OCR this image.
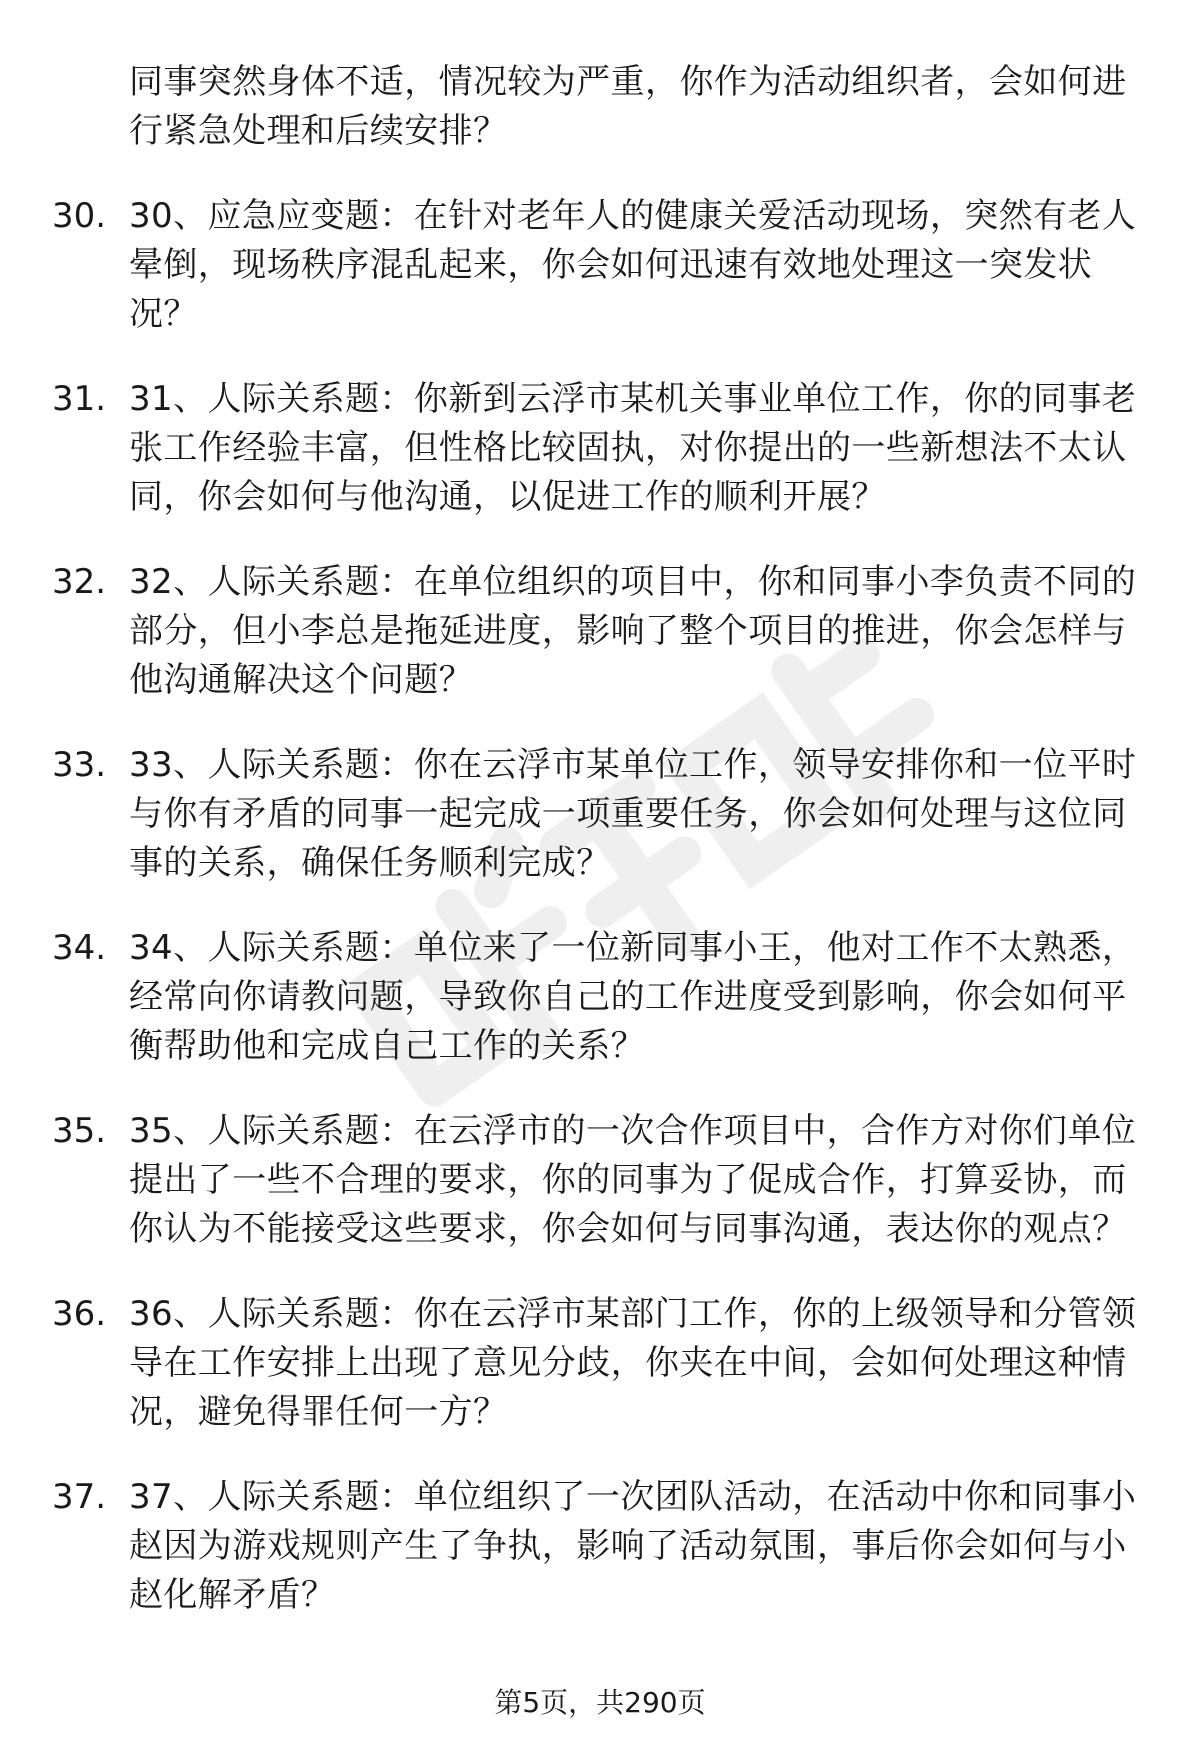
同事突然身体不适，情况较为严重，你作为活动组织者，会如何进行紧急处理和后续安排？
30. 30、应急应变题：在针对老年人的健康关爱活动现场，突然有老人晕倒，现场秩序混乱起来，你会如何迅速有效地处理这一突发状况？
31. 31、人际关系题：你新到云浮市某机关事业单位工作，你的同事老张工作经验丰富，但性格比较固执，对你提出的一些新想法不太认同，你会如何与他沟通，以促进工作的顺利开展？
32. 32、人际关系题：在单位组织的项目中，你和同事小李负责不同的部分，但小李总是拖延进度，影响了整个项目的推进，你会怎样与他沟通解决这个问题？
33. 33、人际关系题：你在云浮市某单位工作，领导安排你和一位平时与你有矛盾的同事一起完成一项重要任务，你会如何处理与这位同事的关系，确保任务顺利完成？
34. 34、人际关系题：单位来了一位新同事小王，他对工作不太熟悉，经常向你请教问题，导致你自己的工作进度受到影响，你会如何平衡帮助他和完成自己工作的关系？
35. 35、人际关系题：在云浮市的一次合作项目中，合作方对你们单位提出了一些不合理的要求，你的同事为了促成合作，打算妥协，而你认为不能接受这些要求，你会如何与同事沟通，表达你的观点？
36. 36、人际关系题：你在云浮市某部门工作，你的上级领导和分管领导在工作安排上出现了意见分歧，你夹在中间，会如何处理这种情况，避免得罪任何一方？
37. 37、人际关系题：单位组织了一次团队活动，在活动中你和同事小赵因为游戏规则产生了争执，影响了活动氛围，事后你会如何与小赵化解矛盾？
第5页，共290页
